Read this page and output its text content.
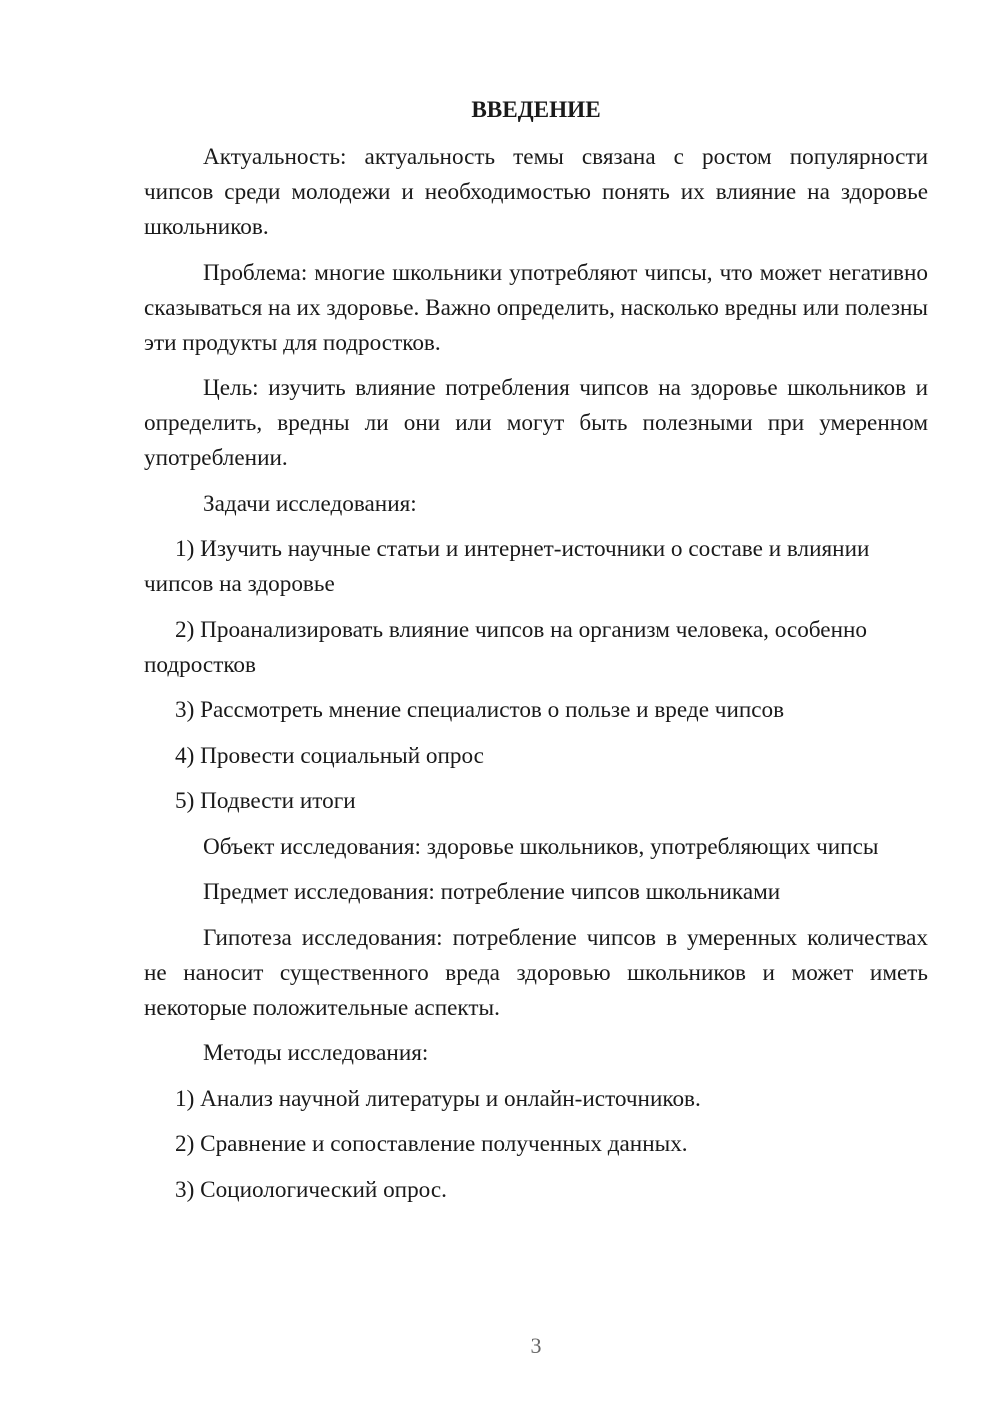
ВВЕДЕНИЕ

Актуальность: актуальность темы связана с ростом популярности чипсов среди молодежи и необходимостью понять их влияние на здоровье школьников.

Проблема: многие школьники употребляют чипсы, что может негативно сказываться на их здоровье. Важно определить, насколько вредны или полезны эти продукты для подростков.

Цель: изучить влияние потребления чипсов на здоровье школьников и определить, вредны ли они или могут быть полезными при умеренном употреблении.

Задачи исследования:

1) Изучить научные статьи и интернет-источники о составе и влиянии чипсов на здоровье

2) Проанализировать влияние чипсов на организм человека, особенно подростков

3) Рассмотреть мнение специалистов о пользе и вреде чипсов

4) Провести социальный опрос

5) Подвести итоги

Объект исследования: здоровье школьников, употребляющих чипсы

Предмет исследования: потребление чипсов школьниками

Гипотеза исследования: потребление чипсов в умеренных количествах не наносит существенного вреда здоровью школьников и может иметь некоторые положительные аспекты.

Методы исследования:

1) Анализ научной литературы и онлайн-источников.

2) Сравнение и сопоставление полученных данных.

3) Социологический опрос.

3
